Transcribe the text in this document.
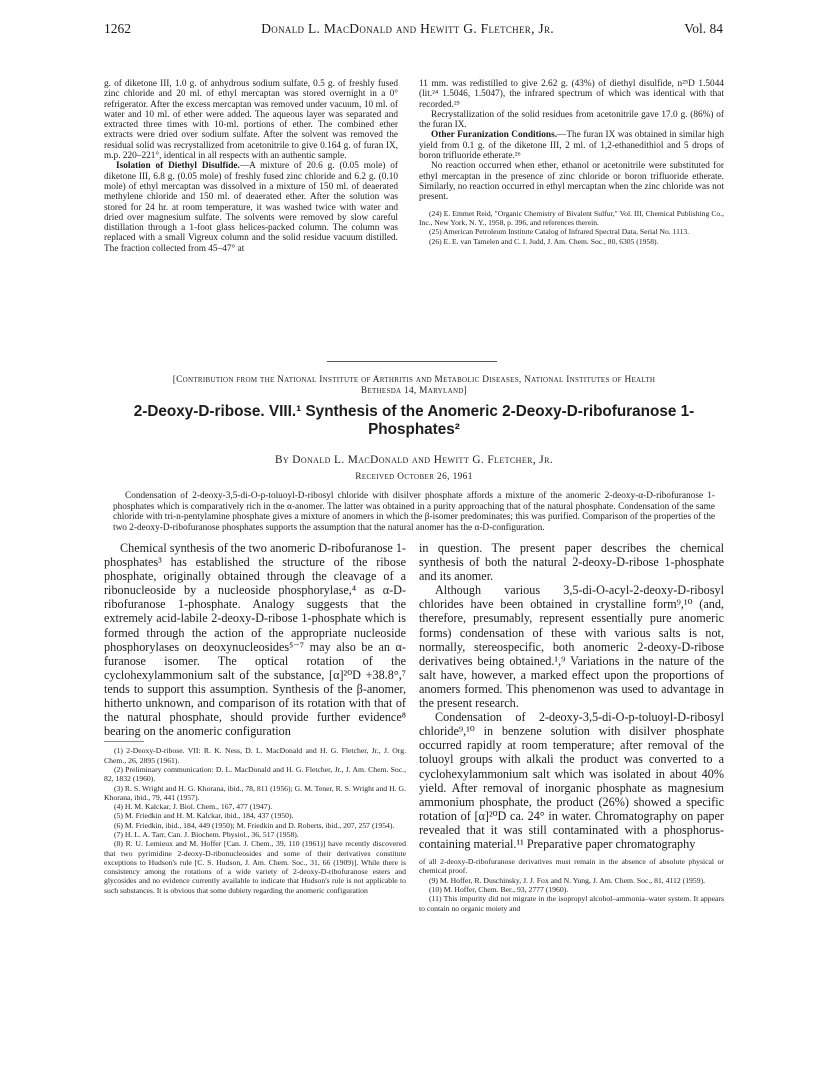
1262	Donald L. MacDonald and Hewitt G. Fletcher, Jr.	Vol. 84

g. of diketone III, 1.0 g. of anhydrous sodium sulfate, 0.5 g. of freshly fused zinc chloride and 20 ml. of ethyl mercaptan was stored overnight in a 0° refrigerator. After the excess mercaptan was removed under vacuum, 10 ml. of water and 10 ml. of ether were added. The aqueous layer was separated and extracted three times with 10-ml. portions of ether. The combined ether extracts were dried over sodium sulfate. After the solvent was removed the residual solid was recrystallized from acetonitrile to give 0.164 g. of furan IX, m.p. 220–221°, identical in all respects with an authentic sample.

Isolation of Diethyl Disulfide.—A mixture of 20.6 g. (0.05 mole) of diketone III, 6.8 g. (0.05 mole) of freshly fused zinc chloride and 6.2 g. (0.10 mole) of ethyl mercaptan was dissolved in a mixture of 150 ml. of deaerated methylene chloride and 150 ml. of deaerated ether. After the solution was stored for 24 hr. at room temperature, it was washed twice with water and dried over magnesium sulfate. The solvents were removed by slow careful distillation through a 1-foot glass helices-packed column. The column was replaced with a small Vigreux column and the solid residue vacuum distilled. The fraction collected from 45–47° at

11 mm. was redistilled to give 2.62 g. (43%) of diethyl disulfide, n²⁵D 1.5044 (lit.²⁴ 1.5046, 1.5047), the infrared spectrum of which was identical with that recorded.²⁵

Recrystallization of the solid residues from acetonitrile gave 17.0 g. (86%) of the furan IX.

Other Furanization Conditions.—The furan IX was obtained in similar high yield from 0.1 g. of the diketone III, 2 ml. of 1,2-ethanedithiol and 5 drops of boron trifluoride etherate.²⁶

No reaction occurred when ether, ethanol or acetonitrile were substituted for ethyl mercaptan in the presence of zinc chloride or boron trifluoride etherate. Similarly, no reaction occurred in ethyl mercaptan when the zinc chloride was not present.

(24) E. Emmet Reid, "Organic Chemistry of Bivalent Sulfur," Vol. III, Chemical Publishing Co., Inc., New York, N. Y., 1958, p. 396, and references therein.

(25) American Petroleum Institute Catalog of Infrared Spectral Data, Serial No. 1113.

(26) E. E. van Tamelen and C. I. Judd, J. Am. Chem. Soc., 80, 6305 (1958).

[Contribution from the National Institute of Arthritis and Metabolic Diseases, National Institutes of Health
Bethesda 14, Maryland]
2-Deoxy-D-ribose. VIII.¹ Synthesis of the Anomeric 2-Deoxy-D-ribofuranose 1-
Phosphates²
By Donald L. MacDonald and Hewitt G. Fletcher, Jr.
Received October 26, 1961
Condensation of 2-deoxy-3,5-di-O-p-toluoyl-D-ribosyl chloride with disilver phosphate affords a mixture of the anomeric 2-deoxy-α-D-ribofuranose 1-phosphates which is comparatively rich in the α-anomer. The latter was obtained in a purity approaching that of the natural phosphate. Condensation of the same chloride with tri-n-pentylamine phosphate gives a mixture of anomers in which the β-isomer predominates; this was purified. Comparison of the properties of the two 2-deoxy-D-ribofuranose phosphates supports the assumption that the natural anomer has the α-D-configuration.

Chemical synthesis of the two anomeric D-ribofuranose 1-phosphates³ has established the structure of the ribose phosphate, originally obtained through the cleavage of a ribonucleoside by a nucleoside phosphorylase,⁴ as α-D-ribofuranose 1-phosphate. Analogy suggests that the extremely acid-labile 2-deoxy-D-ribose 1-phosphate which is formed through the action of the appropriate nucleoside phosphorylases on deoxynucleosides⁵⁻⁷ may also be an α-furanose isomer. The optical rotation of the cyclohexylammonium salt of the substance, [α]²⁰D +38.8°,⁷ tends to support this assumption. Synthesis of the β-anomer, hitherto unknown, and comparison of its rotation with that of the natural phosphate, should provide further evidence⁸ bearing on the anomeric configuration

(1) 2-Deoxy-D-ribose. VII: R. K. Ness, D. L. MacDonald and H. G. Fletcher, Jr., J. Org. Chem., 26, 2895 (1961).

(2) Preliminary communication: D. L. MacDonald and H. G. Fletcher, Jr., J. Am. Chem. Soc., 82, 1832 (1960).

(3) R. S. Wright and H. G. Khorana, ibid., 78, 811 (1956); G. M. Tener, R. S. Wright and H. G. Khorana, ibid., 79, 441 (1957).

(4) H. M. Kalckar, J. Biol. Chem., 167, 477 (1947).

(5) M. Friedkin and H. M. Kalckar, ibid., 184, 437 (1950).

(6) M. Friedkin, ibid., 184, 449 (1950); M. Friedkin and D. Roberts, ibid., 207, 257 (1954).

(7) H. L. A. Tarr, Can. J. Biochem. Physiol., 36, 517 (1958).

(8) R. U. Lemieux and M. Hoffer [Can. J. Chem., 39, 110 (1961)] have recently discovered that two pyrimidine 2-deoxy-D-ribonucleosides and some of their derivatives constitute exceptions to Hudson's rule [C. S. Hudson, J. Am. Chem. Soc., 31, 66 (1909)]. While there is consistency among the rotations of a wide variety of 2-deoxy-D-ribofuranose esters and glycosides and no evidence currently available to indicate that Hudson's rule is not applicable to such substances. It is obvious that some dubiety regarding the anomeric configuration

in question. The present paper describes the chemical synthesis of both the natural 2-deoxy-D-ribose 1-phosphate and its anomer.

Although various 3,5-di-O-acyl-2-deoxy-D-ribosyl chlorides have been obtained in crystalline form⁹,¹⁰ (and, therefore, presumably, represent essentially pure anomeric forms) condensation of these with various salts is not, normally, stereospecific, both anomeric 2-deoxy-D-ribose derivatives being obtained.¹,⁹ Variations in the nature of the salt have, however, a marked effect upon the proportions of anomers formed. This phenomenon was used to advantage in the present research.

Condensation of 2-deoxy-3,5-di-O-p-toluoyl-D-ribosyl chloride⁹,¹⁰ in benzene solution with disilver phosphate occurred rapidly at room temperature; after removal of the toluoyl groups with alkali the product was converted to a cyclohexylammonium salt which was isolated in about 40% yield. After removal of inorganic phosphate as magnesium ammonium phosphate, the product (26%) showed a specific rotation of [α]²⁰D ca. 24° in water. Chromatography on paper revealed that it was still contaminated with a phosphorus-containing material.¹¹ Preparative paper chromatography

of all 2-deoxy-D-ribofuranose derivatives must remain in the absence of absolute physical or chemical proof.

(9) M. Hoffer, R. Duschinsky, J. J. Fox and N. Yung, J. Am. Chem. Soc., 81, 4112 (1959).

(10) M. Hoffer, Chem. Ber., 93, 2777 (1960).

(11) This impurity did not migrate in the isopropyl alcohol–ammonia–water system. It appears to contain no organic moiety and
